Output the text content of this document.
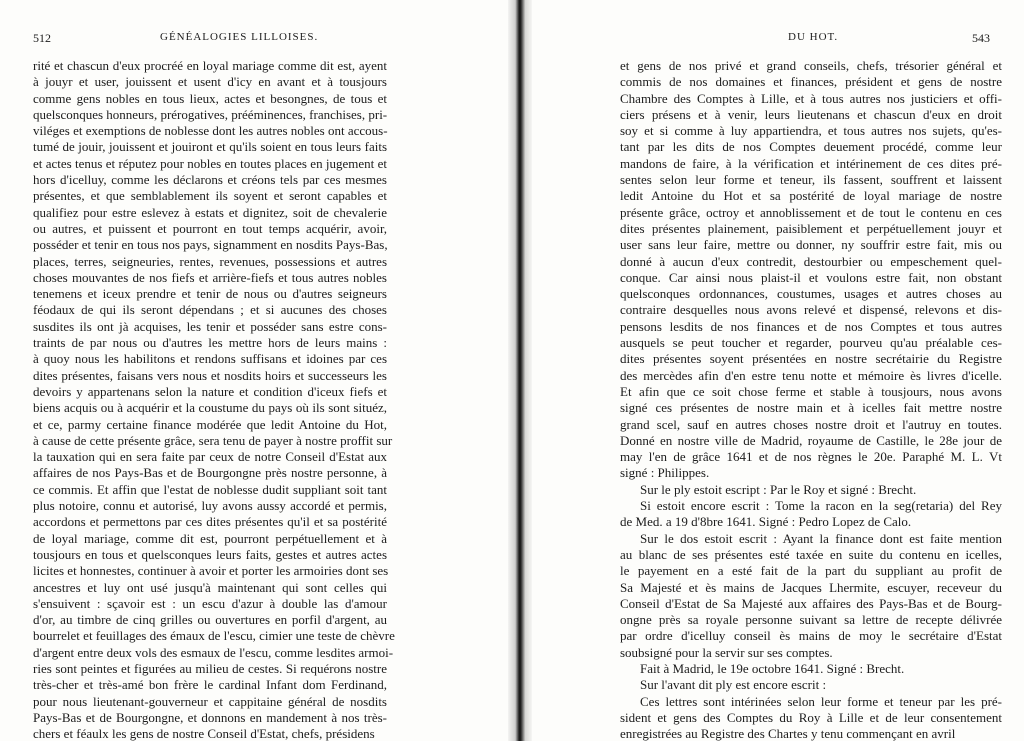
512	GÉNÉALOGIES LILLOISES.
rité et chascun d'eux procréé en loyal mariage comme dit est, ayent
à jouyr et user, jouissent et usent d'icy en avant et à tousjours
comme gens nobles en tous lieux, actes et besongnes, de tous et
quelsconques honneurs, prérogatives, prééminences, franchises, pri-
viléges et exemptions de noblesse dont les autres nobles ont accous-
tumé de jouir, jouissent et jouiront et qu'ils soient en tous leurs faits
et actes tenus et réputez pour nobles en toutes places en jugement et
hors d'icelluy, comme les déclarons et créons tels par ces mesmes
présentes, et que semblablement ils soyent et seront capables et
qualifiez pour estre eslevez à estats et dignitez, soit de chevalerie
ou autres, et puissent et pourront en tout temps acquérir, avoir,
posséder et tenir en tous nos pays, signamment en nosdits Pays-Bas,
places, terres, seigneuries, rentes, revenues, possessions et autres
choses mouvantes de nos fiefs et arrière-fiefs et tous autres nobles
tenemens et iceux prendre et tenir de nous ou d'autres seigneurs
féodaux de qui ils seront dépendans ; et si aucunes des choses
susdites ils ont jà acquises, les tenir et posséder sans estre cons-
traints de par nous ou d'autres les mettre hors de leurs mains :
à quoy nous les habilitons et rendons suffisans et idoines par ces
dites présentes, faisans vers nous et nosdits hoirs et successeurs les
devoirs y appartenans selon la nature et condition d'iceux fiefs et
biens acquis ou à acquérir et la coustume du pays où ils sont situéz,
et ce, parmy certaine finance modérée que ledit Antoine du Hot,
à cause de cette présente grâce, sera tenu de payer à nostre proffit sur
la tauxation qui en sera faite par ceux de notre Conseil d'Estat aux
affaires de nos Pays-Bas et de Bourgongne près nostre personne, à
ce commis. Et affin que l'estat de noblesse dudit suppliant soit tant
plus notoire, connu et autorisé, luy avons aussy accordé et permis,
accordons et permettons par ces dites présentes qu'il et sa postérité
de loyal mariage, comme dit est, pourront perpétuellement et à
tousjours en tous et quelsconques leurs faits, gestes et autres actes
licites et honnestes, continuer à avoir et porter les armoiries dont ses
ancestres et luy ont usé jusqu'à maintenant qui sont celles qui
s'ensuivent : sçavoir est : un escu d'azur à double las d'amour
d'or, au timbre de cinq grilles ou ouvertures en porfil d'argent, au
bourrelet et feuillages des émaux de l'escu, cimier une teste de chèvre
d'argent entre deux vols des esmaux de l'escu, comme lesdites armoi-
ries sont peintes et figurées au milieu de cestes. Si requérons nostre
très-cher et très-amé bon frère le cardinal Infant dom Ferdinand,
pour nous lieutenant-gouverneur et cappitaine général de nosdits
Pays-Bas et de Bourgongne, et donnons en mandement à nos très-
chers et féaulx les gens de nostre Conseil d'Estat, chefs, présidens
DU HOT.	543
et gens de nos privé et grand conseils, chefs, trésorier général et
commis de nos domaines et finances, président et gens de nostre
Chambre des Comptes à Lille, et à tous autres nos justiciers et offi-
ciers présens et à venir, leurs lieutenans et chascun d'eux en droit
soy et si comme à luy appartiendra, et tous autres nos sujets, qu'es-
tant par les dits de nos Comptes deuement procédé, comme leur
mandons de faire, à la vérification et intérinement de ces dites pré-
sentes selon leur forme et teneur, ils fassent, souffrent et laissent
ledit Antoine du Hot et sa postérité de loyal mariage de nostre
présente grâce, octroy et annoblissement et de tout le contenu en ces
dites présentes plainement, paisiblement et perpétuellement jouyr et
user sans leur faire, mettre ou donner, ny souffrir estre fait, mis ou
donné à aucun d'eux contredit, destourbier ou empeschement quel-
conque. Car ainsi nous plaist-il et voulons estre fait, non obstant
quelsconques ordonnances, coustumes, usages et autres choses au
contraire desquelles nous avons relevé et dispensé, relevons et dis-
pensons lesdits de nos finances et de nos Comptes et tous autres
ausquels se peut toucher et regarder, pourveu qu'au préalable ces-
dites présentes soyent présentées en nostre secrétairie du Registre
des mercèdes afin d'en estre tenu notte et mémoire ès livres d'icelle.
Et afin que ce soit chose ferme et stable à tousjours, nous avons
signé ces présentes de nostre main et à icelles fait mettre nostre
grand scel, sauf en autres choses nostre droit et l'autruy en toutes.
Donné en nostre ville de Madrid, royaume de Castille, le 28e jour de
may l'en de grâce 1641 et de nos règnes le 20e. Paraphé M. L. Vt
signé : Philippes.
Sur le ply estoit escript : Par le Roy et signé : Brecht.
Si estoit encore escrit : Tome la racon en la seg(retaria) del Rey
de Med. a 19 d'8bre 1641. Signé : Pedro Lopez de Calo.
Sur le dos estoit escrit : Ayant la finance dont est faite mention
au blanc de ses présentes esté taxée en suite du contenu en icelles,
le payement en a esté fait de la part du suppliant au profit de
Sa Majesté et ès mains de Jacques Lhermite, escuyer, receveur du
Conseil d'Estat de Sa Majesté aux affaires des Pays-Bas et de Bourg-
ongne près sa royale personne suivant sa lettre de recepte délivrée
par ordre d'icelluy conseil ès mains de moy le secrétaire d'Estat
soubsigné pour la servir sur ses comptes.
Fait à Madrid, le 19e octobre 1641. Signé : Brecht.
Sur l'avant dit ply est encore escrit :
Ces lettres sont intérinées selon leur forme et teneur par les pré-
sident et gens des Comptes du Roy à Lille et de leur consentement
enregistrées au Registre des Chartes y tenu commençant en avril
